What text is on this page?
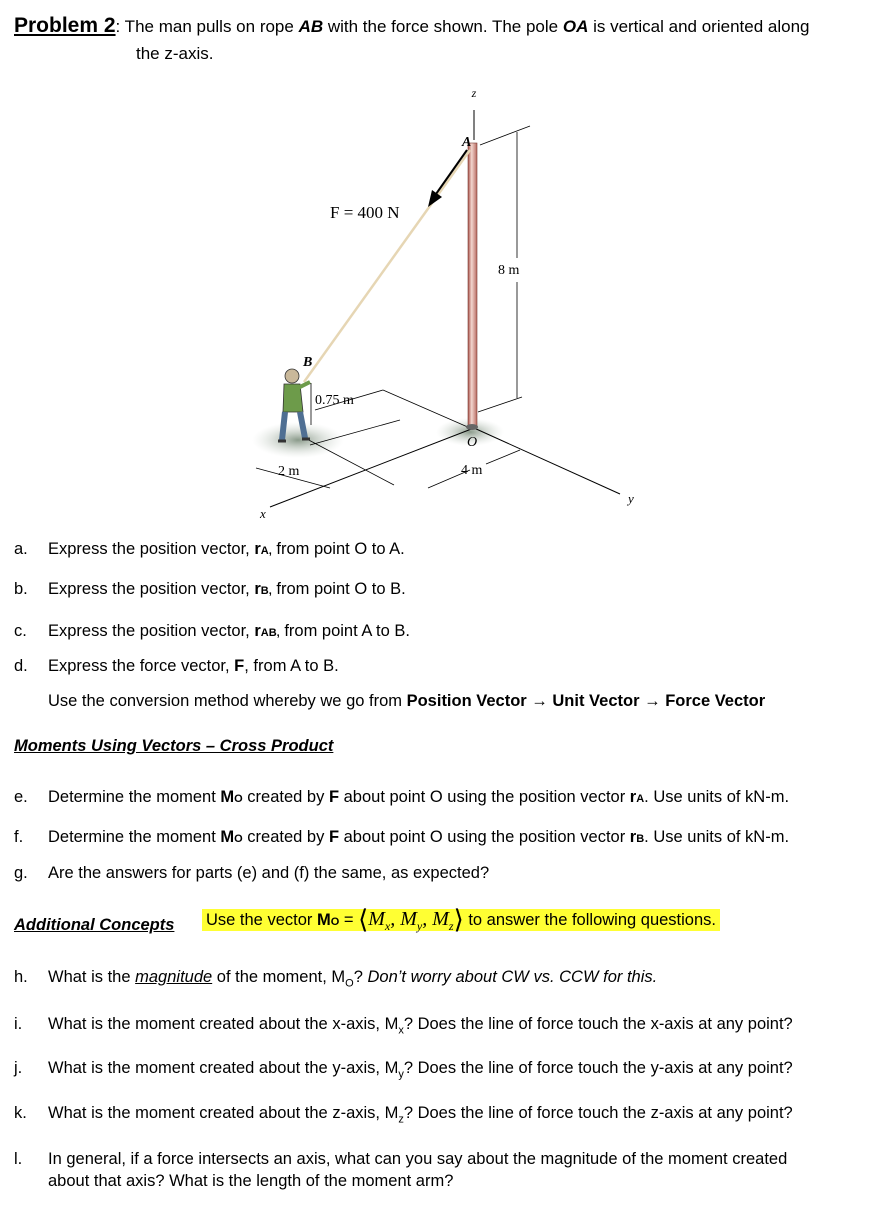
Problem 2: The man pulls on rope AB with the force shown. The pole OA is vertical and oriented along
the z-axis.
z
A
F = 400 N
8 m
B
0.75 m
O
2 m	4 m
y
x
a. Express the position vector, rA, from point O to A.
b. Express the position vector, rB, from point O to B.
c. Express the position vector, rAB, from point A to B.
d. Express the force vector, F, from A to B.
Use the conversion method whereby we go from Position Vector → Unit Vector → Force Vector
Moments Using Vectors – Cross Product
e. Determine the moment MO created by F about point O using the position vector rA. Use units of kN-m.
f. Determine the moment MO created by F about point O using the position vector rB. Use units of kN-m.
g. Are the answers for parts (e) and (f) the same, as expected?
Additional Concepts Use the vector MO = $⟨M_x$, $M_y$, $M_z⟩$ to answer the following questions.
h. What is the magnitude of the moment, $M_O$? Don’t worry about CW vs. CCW for this.
i. What is the moment created about the x-axis, $M_x$? Does the line of force touch the x-axis at any point?
j. What is the moment created about the y-axis, $M_y$? Does the line of force touch the y-axis at any point?
k. What is the moment created about the z-axis, $M_z$? Does the line of force touch the z-axis at any point?
l. In general, if a force intersects an axis, what can you say about the magnitude of the moment created
about that axis? What is the length of the moment arm?
